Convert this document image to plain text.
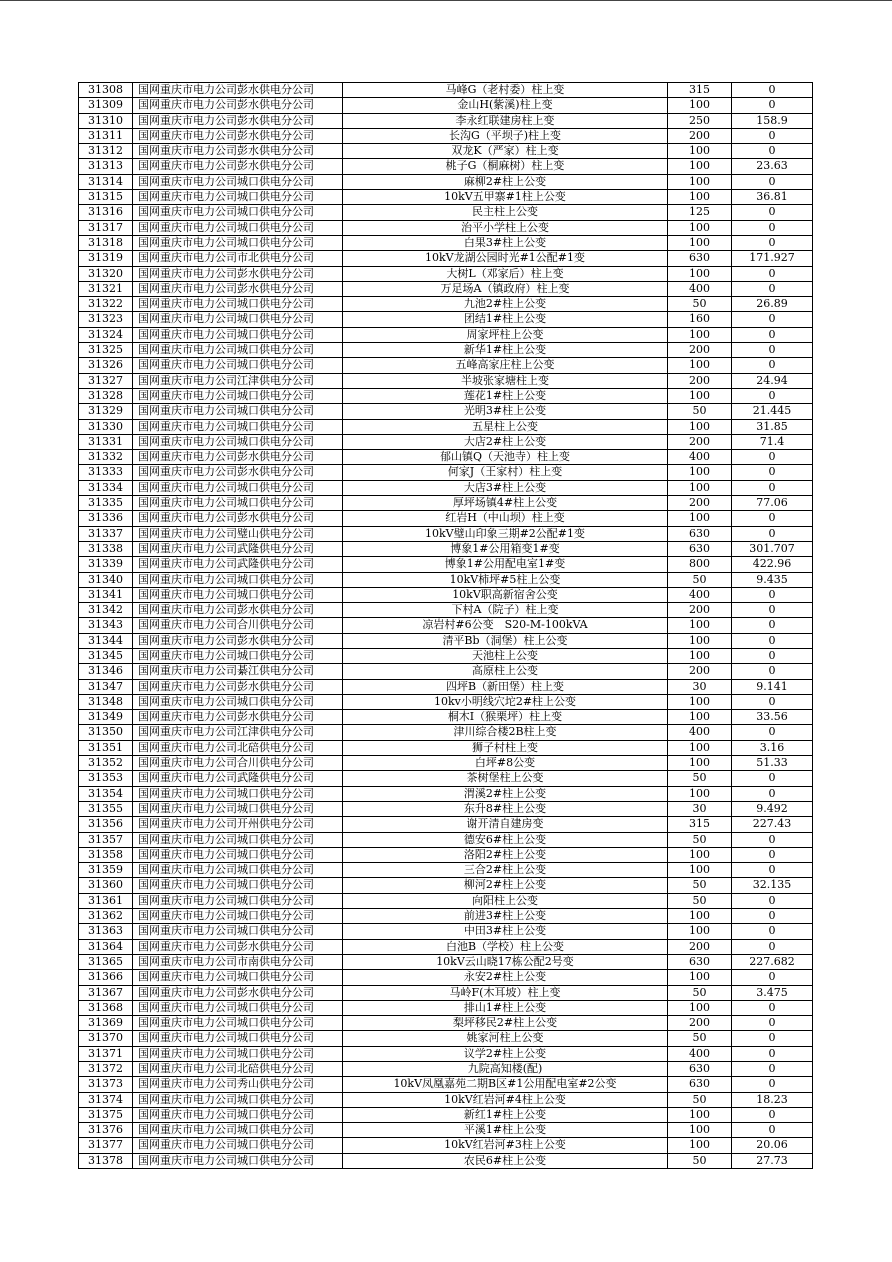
31308	国网重庆市电力公司彭水供电分公司	马峰G（老村委）柱上变	315	0
31309	国网重庆市电力公司彭水供电分公司	金山H(紫溪)柱上变	100	0
31310	国网重庆市电力公司彭水供电分公司	李永红联建房柱上变	250	158.9
31311	国网重庆市电力公司彭水供电分公司	长沟G（平坝子)柱上变	200	0
31312	国网重庆市电力公司彭水供电分公司	双龙K（严家）柱上变	100	0
31313	国网重庆市电力公司彭水供电分公司	桃子G（桐麻树）柱上变	100	23.63
31314	国网重庆市电力公司城口供电分公司	麻柳2#柱上公变	100	0
31315	国网重庆市电力公司城口供电分公司	10kV五甲寨#1柱上公变	100	36.81
31316	国网重庆市电力公司城口供电分公司	民主柱上公变	125	0
31317	国网重庆市电力公司城口供电分公司	治平小学柱上公变	100	0
31318	国网重庆市电力公司城口供电分公司	白果3#柱上公变	100	0
31319	国网重庆市电力公司市北供电分公司	10kV龙湖公园时光#1公配#1变	630	171.927
31320	国网重庆市电力公司彭水供电分公司	大树L（邓家后）柱上变	100	0
31321	国网重庆市电力公司彭水供电分公司	万足场A（镇政府）柱上变	400	0
31322	国网重庆市电力公司城口供电分公司	九池2#柱上公变	50	26.89
31323	国网重庆市电力公司城口供电分公司	团结1#柱上公变	160	0
31324	国网重庆市电力公司城口供电分公司	周家坪柱上公变	100	0
31325	国网重庆市电力公司城口供电分公司	新华1#柱上公变	200	0
31326	国网重庆市电力公司城口供电分公司	五峰高家庄柱上公变	100	0
31327	国网重庆市电力公司江津供电分公司	半坡张家塘柱上变	200	24.94
31328	国网重庆市电力公司城口供电分公司	莲花1#柱上公变	100	0
31329	国网重庆市电力公司城口供电分公司	光明3#柱上公变	50	21.445
31330	国网重庆市电力公司城口供电分公司	五星柱上公变	100	31.85
31331	国网重庆市电力公司城口供电分公司	大店2#柱上公变	200	71.4
31332	国网重庆市电力公司彭水供电分公司	郁山镇Q（天池寺）柱上变	400	0
31333	国网重庆市电力公司彭水供电分公司	何家J（王家村）柱上变	100	0
31334	国网重庆市电力公司城口供电分公司	大店3#柱上公变	100	0
31335	国网重庆市电力公司城口供电分公司	厚坪场镇4#柱上公变	200	77.06
31336	国网重庆市电力公司彭水供电分公司	红岩H（中山坝）柱上变	100	0
31337	国网重庆市电力公司璧山供电分公司	10kV璧山印象三期#2公配#1变	630	0
31338	国网重庆市电力公司武隆供电分公司	博象1#公用箱变1#变	630	301.707
31339	国网重庆市电力公司武隆供电分公司	博象1#公用配电室1#变	800	422.96
31340	国网重庆市电力公司城口供电分公司	10kV柿坪#5柱上公变	50	9.435
31341	国网重庆市电力公司城口供电分公司	10kV职高新宿舍公变	400	0
31342	国网重庆市电力公司彭水供电分公司	下村A（院子）柱上变	200	0
31343	国网重庆市电力公司合川供电分公司	凉岩村#6公变　S20-M-100kVA	100	0
31344	国网重庆市电力公司彭水供电分公司	清平Bb（洞堡）柱上公变	100	0
31345	国网重庆市电力公司城口供电分公司	天池柱上公变	100	0
31346	国网重庆市电力公司綦江供电分公司	高原柱上公变	200	0
31347	国网重庆市电力公司彭水供电分公司	四坪B（新田堡）柱上变	30	9.141
31348	国网重庆市电力公司城口供电分公司	10kv小明线穴坨2#柱上公变	100	0
31349	国网重庆市电力公司彭水供电分公司	桐木I（猴栗坪）柱上变	100	33.56
31350	国网重庆市电力公司江津供电分公司	津川综合楼2B柱上变	400	0
31351	国网重庆市电力公司北碚供电分公司	狮子村柱上变	100	3.16
31352	国网重庆市电力公司合川供电分公司	白坪#8公变	100	51.33
31353	国网重庆市电力公司武隆供电分公司	茶树堡柱上公变	50	0
31354	国网重庆市电力公司城口供电分公司	渭溪2#柱上公变	100	0
31355	国网重庆市电力公司城口供电分公司	东升8#柱上公变	30	9.492
31356	国网重庆市电力公司开州供电分公司	谢开清自建房变	315	227.43
31357	国网重庆市电力公司城口供电分公司	德安6#柱上公变	50	0
31358	国网重庆市电力公司城口供电分公司	洛阳2#柱上公变	100	0
31359	国网重庆市电力公司城口供电分公司	三合2#柱上公变	100	0
31360	国网重庆市电力公司城口供电分公司	柳河2#柱上公变	50	32.135
31361	国网重庆市电力公司城口供电分公司	向阳柱上公变	50	0
31362	国网重庆市电力公司城口供电分公司	前进3#柱上公变	100	0
31363	国网重庆市电力公司城口供电分公司	中田3#柱上公变	100	0
31364	国网重庆市电力公司彭水供电分公司	白池B（学校）柱上公变	200	0
31365	国网重庆市电力公司市南供电分公司	10kV云山晓17栋公配2号变	630	227.682
31366	国网重庆市电力公司城口供电分公司	永安2#柱上公变	100	0
31367	国网重庆市电力公司彭水供电分公司	马岭F(木耳坡）柱上变	50	3.475
31368	国网重庆市电力公司城口供电分公司	排山1#柱上公变	100	0
31369	国网重庆市电力公司城口供电分公司	梨坪移民2#柱上公变	200	0
31370	国网重庆市电力公司城口供电分公司	姚家河柱上公变	50	0
31371	国网重庆市电力公司城口供电分公司	议学2#柱上公变	400	0
31372	国网重庆市电力公司北碚供电分公司	九院高知楼(配)	630	0
31373	国网重庆市电力公司秀山供电分公司	10kV凤凰嘉苑二期B区#1公用配电室#2公变	630	0
31374	国网重庆市电力公司城口供电分公司	10kV红岩河#4柱上公变	50	18.23
31375	国网重庆市电力公司城口供电分公司	新红1#柱上公变	100	0
31376	国网重庆市电力公司城口供电分公司	平溪1#柱上公变	100	0
31377	国网重庆市电力公司城口供电分公司	10kV红岩河#3柱上公变	100	20.06
31378	国网重庆市电力公司城口供电分公司	农民6#柱上公变	50	27.73
